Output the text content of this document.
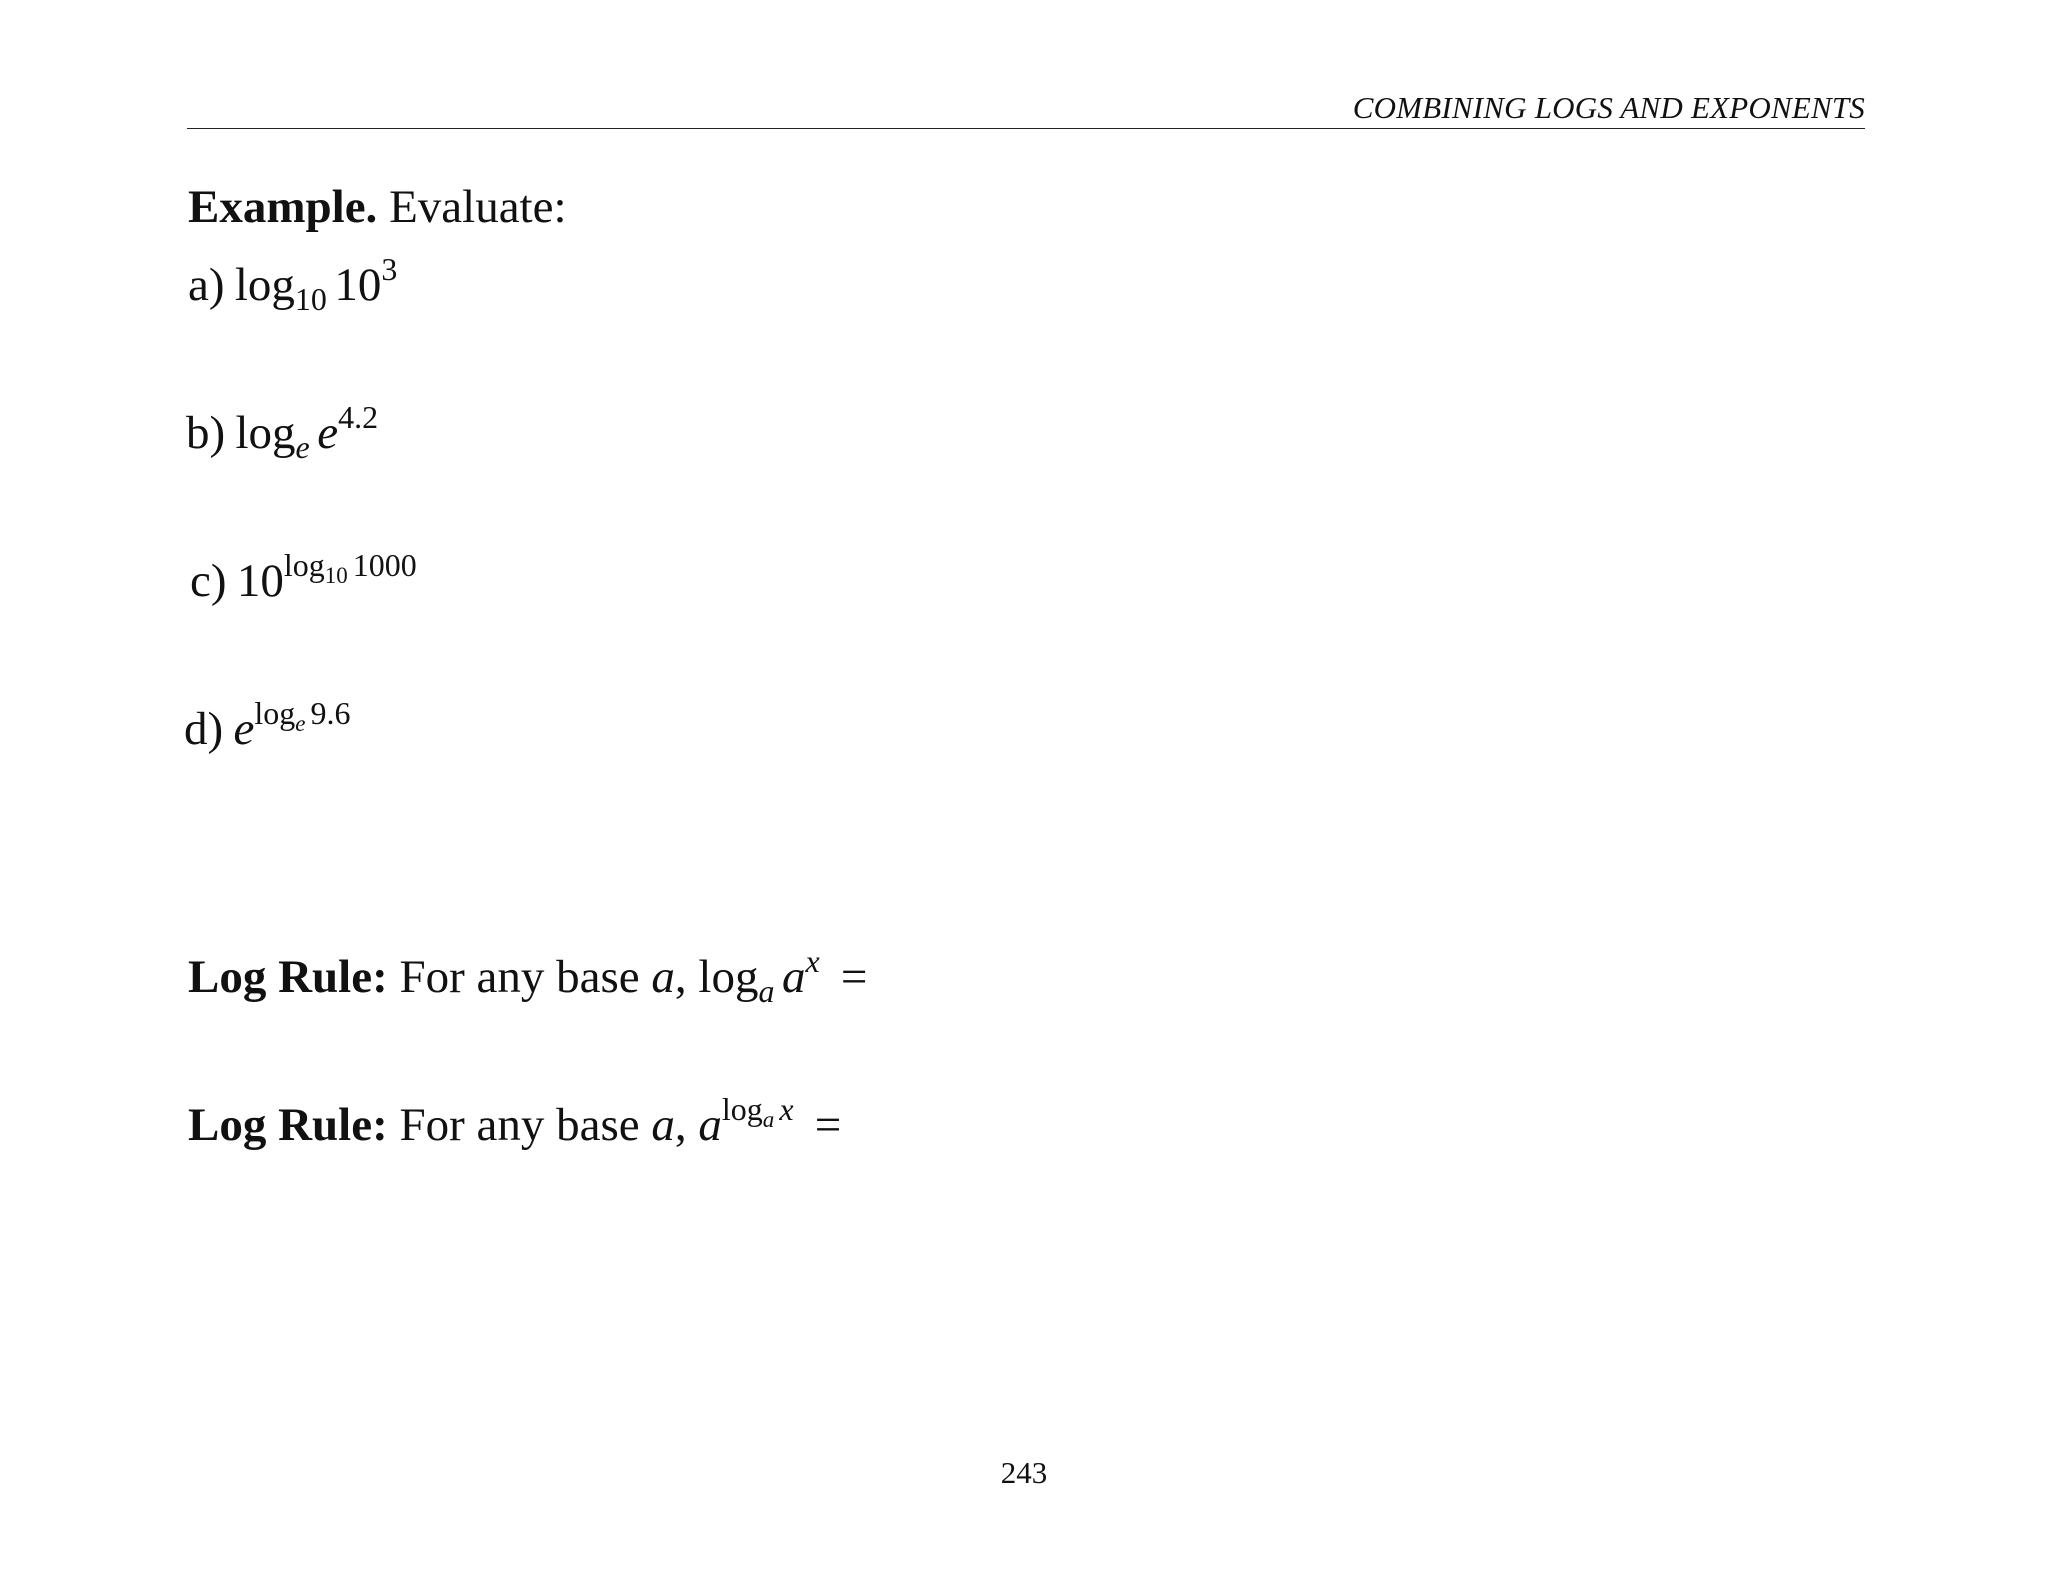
COMBINING LOGS AND EXPONENTS
Example. Evaluate:
a) $\log_{10} 10^3$
b) $\log_e e^{4.2}$
c) $10^{log_{10} 1000}$
d) $e^{log_e 9.6}$
Log Rule: For any base a, $\log_a a^x$ =
Log Rule: For any base a, $a^{log_a x}$ =
243
